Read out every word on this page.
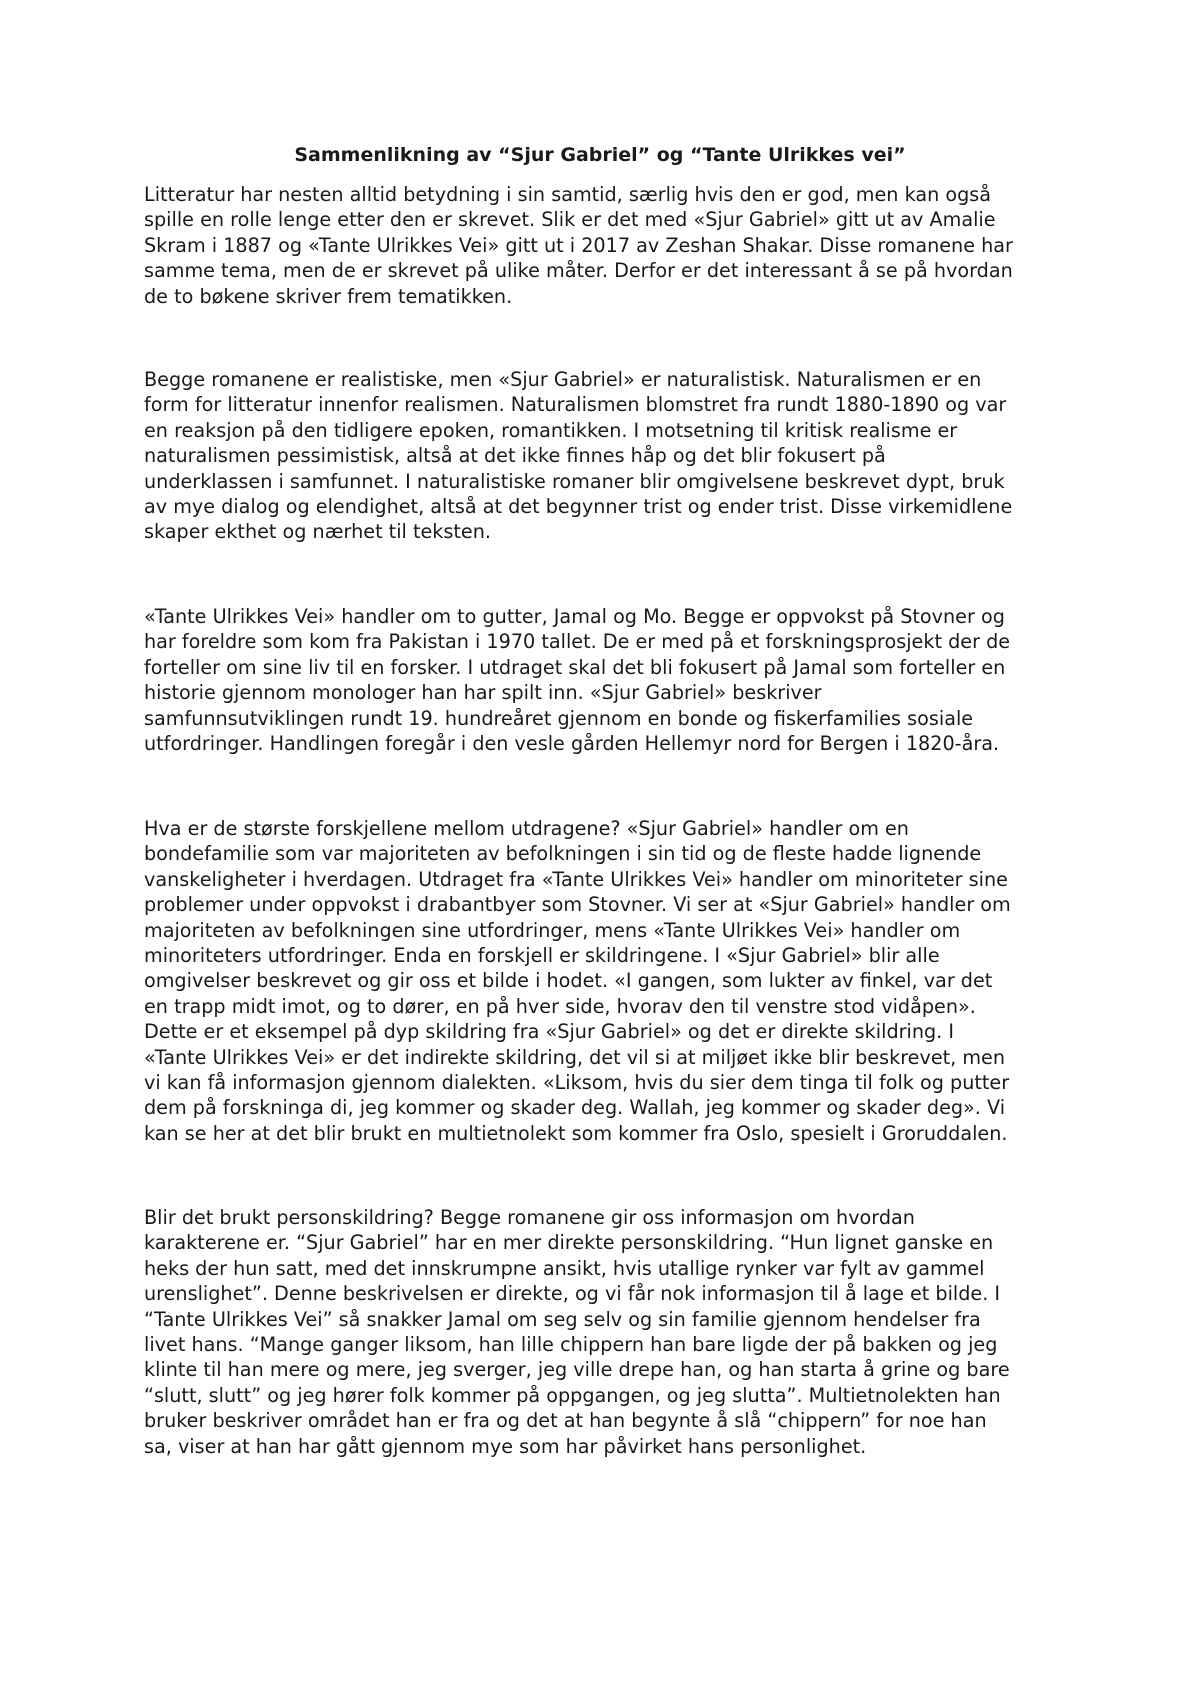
Sammenlikning av “Sjur Gabriel” og “Tante Ulrikkes vei”
Litteratur har nesten alltid betydning i sin samtid, særlig hvis den er god, men kan også
spille en rolle lenge etter den er skrevet. Slik er det med «Sjur Gabriel» gitt ut av Amalie
Skram i 1887 og «Tante Ulrikkes Vei» gitt ut i 2017 av Zeshan Shakar. Disse romanene har
samme tema, men de er skrevet på ulike måter. Derfor er det interessant å se på hvordan
de to bøkene skriver frem tematikken.
Begge romanene er realistiske, men «Sjur Gabriel» er naturalistisk. Naturalismen er en
form for litteratur innenfor realismen. Naturalismen blomstret fra rundt 1880-1890 og var
en reaksjon på den tidligere epoken, romantikken. I motsetning til kritisk realisme er
naturalismen pessimistisk, altså at det ikke finnes håp og det blir fokusert på
underklassen i samfunnet. I naturalistiske romaner blir omgivelsene beskrevet dypt, bruk
av mye dialog og elendighet, altså at det begynner trist og ender trist. Disse virkemidlene
skaper ekthet og nærhet til teksten.
«Tante Ulrikkes Vei» handler om to gutter, Jamal og Mo. Begge er oppvokst på Stovner og
har foreldre som kom fra Pakistan i 1970 tallet. De er med på et forskningsprosjekt der de
forteller om sine liv til en forsker. I utdraget skal det bli fokusert på Jamal som forteller en
historie gjennom monologer han har spilt inn. «Sjur Gabriel» beskriver
samfunnsutviklingen rundt 19. hundreåret gjennom en bonde og fiskerfamilies sosiale
utfordringer. Handlingen foregår i den vesle gården Hellemyr nord for Bergen i 1820-åra.
Hva er de største forskjellene mellom utdragene? «Sjur Gabriel» handler om en
bondefamilie som var majoriteten av befolkningen i sin tid og de fleste hadde lignende
vanskeligheter i hverdagen. Utdraget fra «Tante Ulrikkes Vei» handler om minoriteter sine
problemer under oppvokst i drabantbyer som Stovner. Vi ser at «Sjur Gabriel» handler om
majoriteten av befolkningen sine utfordringer, mens «Tante Ulrikkes Vei» handler om
minoriteters utfordringer. Enda en forskjell er skildringene. I «Sjur Gabriel» blir alle
omgivelser beskrevet og gir oss et bilde i hodet. «I gangen, som lukter av finkel, var det
en trapp midt imot, og to dører, en på hver side, hvorav den til venstre stod vidåpen».
Dette er et eksempel på dyp skildring fra «Sjur Gabriel» og det er direkte skildring. I
«Tante Ulrikkes Vei» er det indirekte skildring, det vil si at miljøet ikke blir beskrevet, men
vi kan få informasjon gjennom dialekten. «Liksom, hvis du sier dem tinga til folk og putter
dem på forskninga di, jeg kommer og skader deg. Wallah, jeg kommer og skader deg». Vi
kan se her at det blir brukt en multietnolekt som kommer fra Oslo, spesielt i Groruddalen.
Blir det brukt personskildring? Begge romanene gir oss informasjon om hvordan
karakterene er. “Sjur Gabriel” har en mer direkte personskildring. “Hun lignet ganske en
heks der hun satt, med det innskrumpne ansikt, hvis utallige rynker var fylt av gammel
urenslighet”. Denne beskrivelsen er direkte, og vi får nok informasjon til å lage et bilde. I
“Tante Ulrikkes Vei” så snakker Jamal om seg selv og sin familie gjennom hendelser fra
livet hans. “Mange ganger liksom, han lille chippern han bare ligde der på bakken og jeg
klinte til han mere og mere, jeg sverger, jeg ville drepe han, og han starta å grine og bare
“slutt, slutt” og jeg hører folk kommer på oppgangen, og jeg slutta”. Multietnolekten han
bruker beskriver området han er fra og det at han begynte å slå “chippern” for noe han
sa, viser at han har gått gjennom mye som har påvirket hans personlighet.
